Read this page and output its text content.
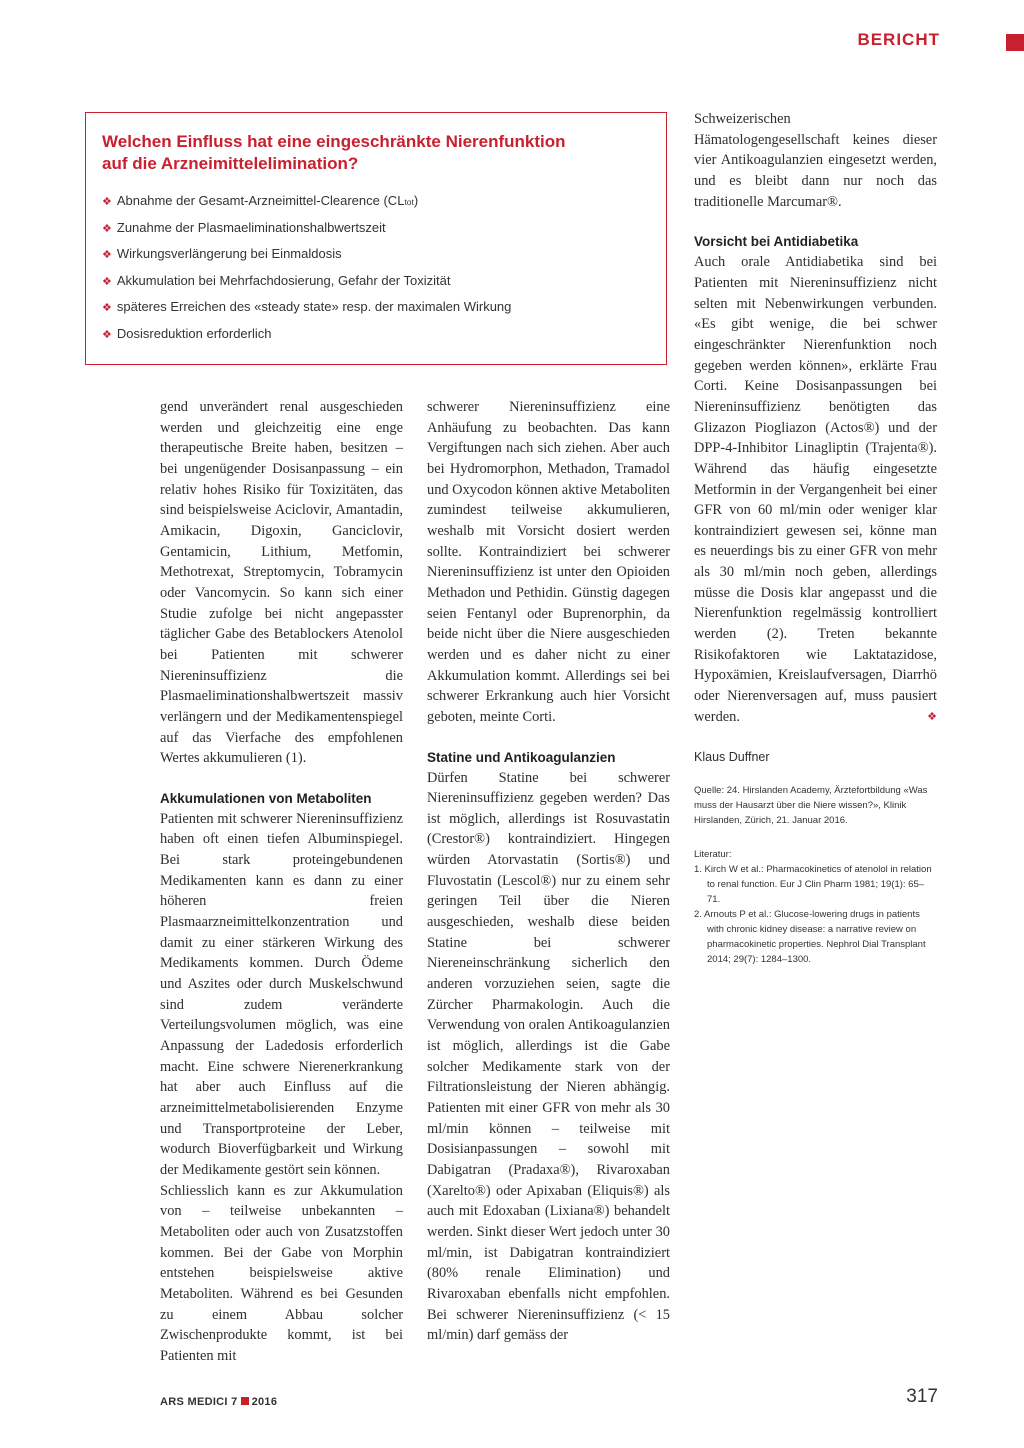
BERICHT
Welchen Einfluss hat eine eingeschränkte Nierenfunktion
auf die Arzneimittelelimination?
❖ Abnahme der Gesamt-Arzneimittel-Clearence (CLtot)
❖ Zunahme der Plasmaeliminationshalbwertszeit
❖ Wirkungsverlängerung bei Einmaldosis
❖ Akkumulation bei Mehrfachdosierung, Gefahr der Toxizität
❖ späteres Erreichen des «steady state» resp. der maximalen Wirkung
❖ Dosisreduktion erforderlich

gend unverändert renal ausgeschieden werden und gleichzeitig eine enge therapeutische Breite haben, besitzen – bei ungenügender Dosisanpassung – ein relativ hohes Risiko für Toxizitäten, das sind beispielsweise Aciclovir, Amantadin, Amikacin, Digoxin, Ganciclovir, Gentamicin, Lithium, Metfomin, Methotrexat, Streptomycin, Tobramycin oder Vancomycin. So kann sich einer Studie zufolge bei nicht angepasster täglicher Gabe des Betablockers Atenolol bei Patienten mit schwerer Niereninsuffizienz die Plasmaeliminationshalbwertszeit massiv verlängern und der Medikamentenspiegel auf das Vierfache des empfohlenen Wertes akkumulieren (1).

Akkumulationen von Metaboliten

Patienten mit schwerer Niereninsuffizienz haben oft einen tiefen Albuminspiegel. Bei stark proteingebundenen Medikamenten kann es dann zu einer höheren freien Plasmaarzneimittelkonzentration und damit zu einer stärkeren Wirkung des Medikaments kommen. Durch Ödeme und Aszites oder durch Muskelschwund sind zudem veränderte Verteilungsvolumen möglich, was eine Anpassung der Ladedosis erforderlich macht. Eine schwere Nierenerkrankung hat aber auch Einfluss auf die arzneimittelmetabolisierenden Enzyme und Transportproteine der Leber, wodurch Bioverfügbarkeit und Wirkung der Medikamente gestört sein können.

Schliesslich kann es zur Akkumulation von – teilweise unbekannten – Metaboliten oder auch von Zusatzstoffen kommen. Bei der Gabe von Morphin entstehen beispielsweise aktive Metaboliten. Während es bei Gesunden zu einem Abbau solcher Zwischenprodukte kommt, ist bei Patienten mit

schwerer Niereninsuffizienz eine Anhäufung zu beobachten. Das kann Vergiftungen nach sich ziehen. Aber auch bei Hydromorphon, Methadon, Tramadol und Oxycodon können aktive Metaboliten zumindest teilweise akkumulieren, weshalb mit Vorsicht dosiert werden sollte. Kontraindiziert bei schwerer Niereninsuffizienz ist unter den Opioiden Methadon und Pethidin. Günstig dagegen seien Fentanyl oder Buprenorphin, da beide nicht über die Niere ausgeschieden werden und es daher nicht zu einer Akkumulation kommt. Allerdings sei bei schwerer Erkrankung auch hier Vorsicht geboten, meinte Corti.

Statine und Antikoagulanzien

Dürfen Statine bei schwerer Niereninsuffizienz gegeben werden? Das ist möglich, allerdings ist Rosuvastatin (Crestor®) kontraindiziert. Hingegen würden Atorvastatin (Sortis®) und Fluvostatin (Lescol®) nur zu einem sehr geringen Teil über die Nieren ausgeschieden, weshalb diese beiden Statine bei schwerer Niereneinschränkung sicherlich den anderen vorzuziehen seien, sagte die Zürcher Pharmakologin. Auch die Verwendung von oralen Antikoagulanzien ist möglich, allerdings ist die Gabe solcher Medikamente stark von der Filtrationsleistung der Nieren abhängig. Patienten mit einer GFR von mehr als 30 ml/min können – teilweise mit Dosisianpassungen – sowohl mit Dabigatran (Pradaxa®), Rivaroxaban (Xarelto®) oder Apixaban (Eliquis®) als auch mit Edoxaban (Lixiana®) behandelt werden. Sinkt dieser Wert jedoch unter 30 ml/min, ist Dabigatran kontraindiziert (80% renale Elimination) und Rivaroxaban ebenfalls nicht empfohlen. Bei schwerer Niereninsuffizienz (< 15 ml/min) darf gemäss der

Schweizerischen Hämatologengesellschaft keines dieser vier Antikoagulanzien eingesetzt werden, und es bleibt dann nur noch das traditionelle Marcumar®.

Vorsicht bei Antidiabetika

Auch orale Antidiabetika sind bei Patienten mit Niereninsuffizienz nicht selten mit Nebenwirkungen verbunden. «Es gibt wenige, die bei schwer eingeschränkter Nierenfunktion noch gegeben werden können», erklärte Frau Corti. Keine Dosisanpassungen bei Niereninsuffizienz benötigten das Glizazon Piogliazon (Actos®) und der DPP-4-Inhibitor Linagliptin (Trajenta®). Während das häufig eingesetzte Metformin in der Vergangenheit bei einer GFR von 60 ml/min oder weniger klar kontraindiziert gewesen sei, könne man es neuerdings bis zu einer GFR von mehr als 30 ml/min noch geben, allerdings müsse die Dosis klar angepasst und die Nierenfunktion regelmässig kontrolliert werden (2). Treten bekannte Risikofaktoren wie Laktatazidose, Hypoxämien, Kreislaufversagen, Diarrhö oder Nierenversagen auf, muss pausiert werden.	❖

Klaus Duffner
Quelle: 24. Hirslanden Academy, Ärztefortbildung «Was muss der Hausarzt über die Niere wissen?», Klinik Hirslanden, Zürich, 21. Januar 2016.
Literatur:
1. Kirch W et al.: Pharmacokinetics of atenolol in relation to renal function. Eur J Clin Pharm 1981; 19(1): 65–71.
2. Arnouts P et al.: Glucose-lowering drugs in patients with chronic kidney disease: a narrative review on pharmacokinetic properties. Nephrol Dial Transplant 2014; 29(7): 1284–1300.
ARS MEDICI 7 2016	317
